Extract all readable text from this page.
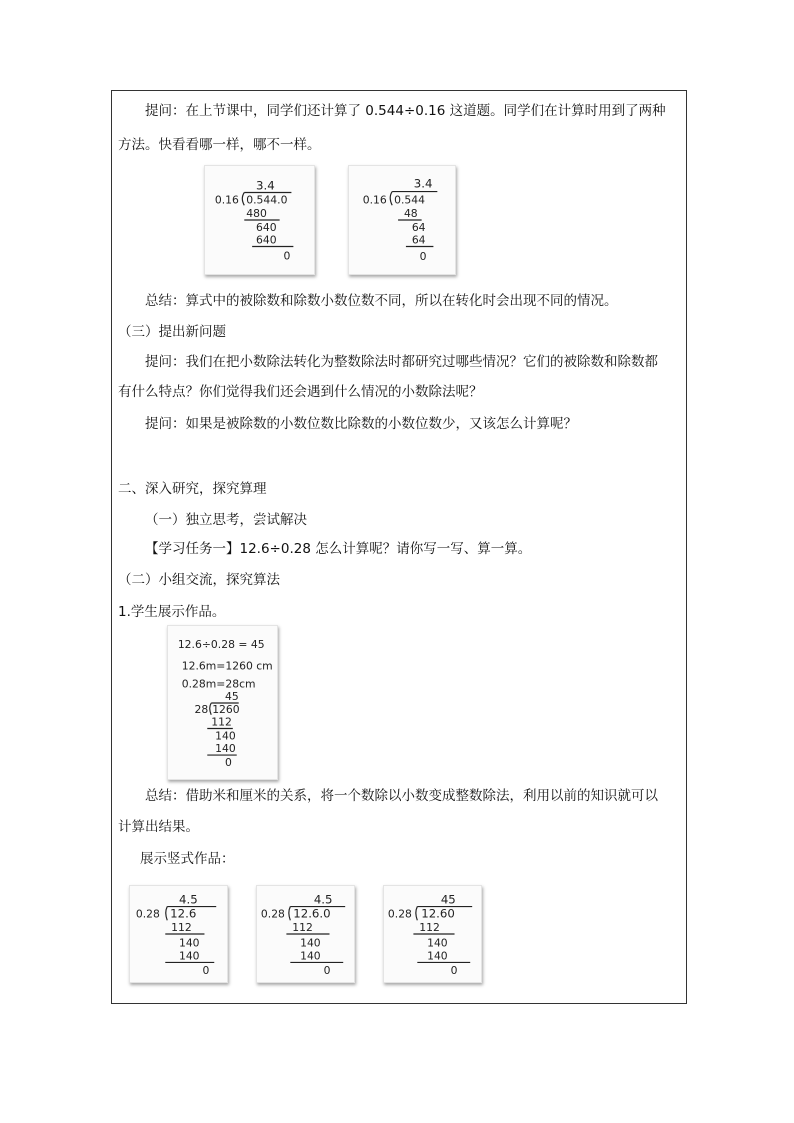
提问：在上节课中，同学们还计算了 0.544÷0.16 这道题。同学们在计算时用到了两种
方法。快看看哪一样，哪不一样。
3.4
0.16 0.544.0
480
640
640
0
3.4
0.16 0.544
48
64
64
0
总结：算式中的被除数和除数小数位数不同，所以在转化时会出现不同的情况。
（三）提出新问题
提问：我们在把小数除法转化为整数除法时都研究过哪些情况？它们的被除数和除数都
有什么特点？你们觉得我们还会遇到什么情况的小数除法呢？
提问：如果是被除数的小数位数比除数的小数位数少，又该怎么计算呢？
二、深入研究，探究算理
（一）独立思考，尝试解决
【学习任务一】12.6÷0.28 怎么计算呢？请你写一写、算一算。
（二）小组交流，探究算法
1.学生展示作品。
12.6÷0.28 = 45
12.6m=1260 cm
0.28m=28cm
45
28 1260
112
140
140
0
总结：借助米和厘米的关系，将一个数除以小数变成整数除法，利用以前的知识就可以
计算出结果。
展示竖式作品：
4.5
0.28 12.6
112
140
140
0
4.5
0.28 12.6.0
112
140
140
0
45
0.28 12.60
112
140
140
0
